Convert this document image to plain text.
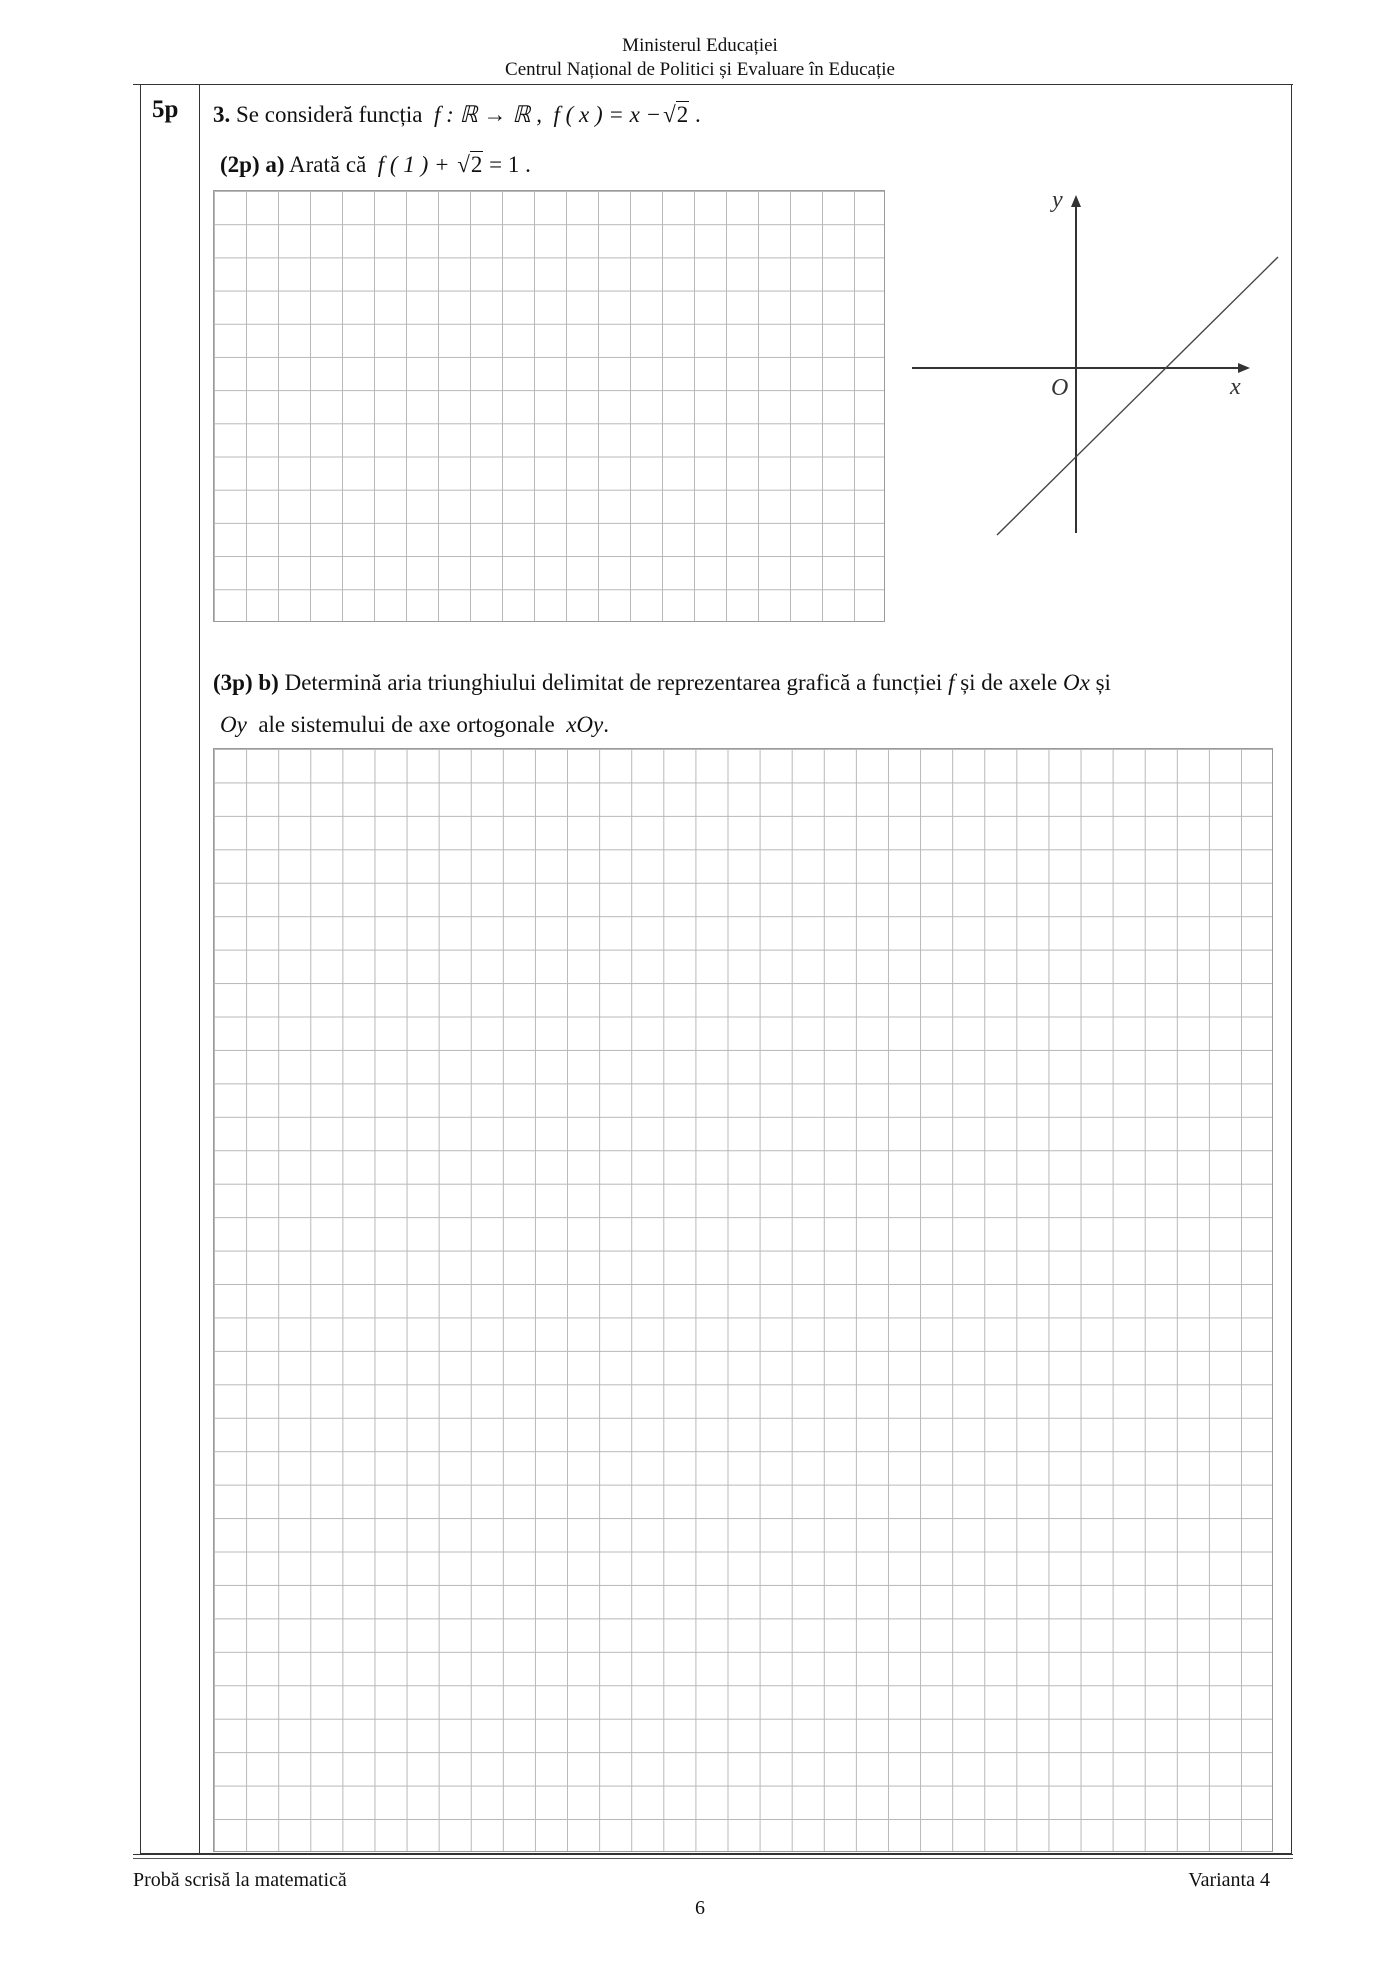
Ministerul Educației
Centrul Național de Politici și Evaluare în Educație
5p 3. Se consideră funcția f : ℝ → ℝ , f ( x ) = x −√2 .
(2p) a) Arată că f ( 1 ) + √2 = 1 .
y
x
O
(3p) b) Determină aria triunghiului delimitat de reprezentarea grafică a funcției f și de axele Ox și
Oy ale sistemului de axe ortogonale xOy.
Probă scrisă la matematică	Varianta 4
6
